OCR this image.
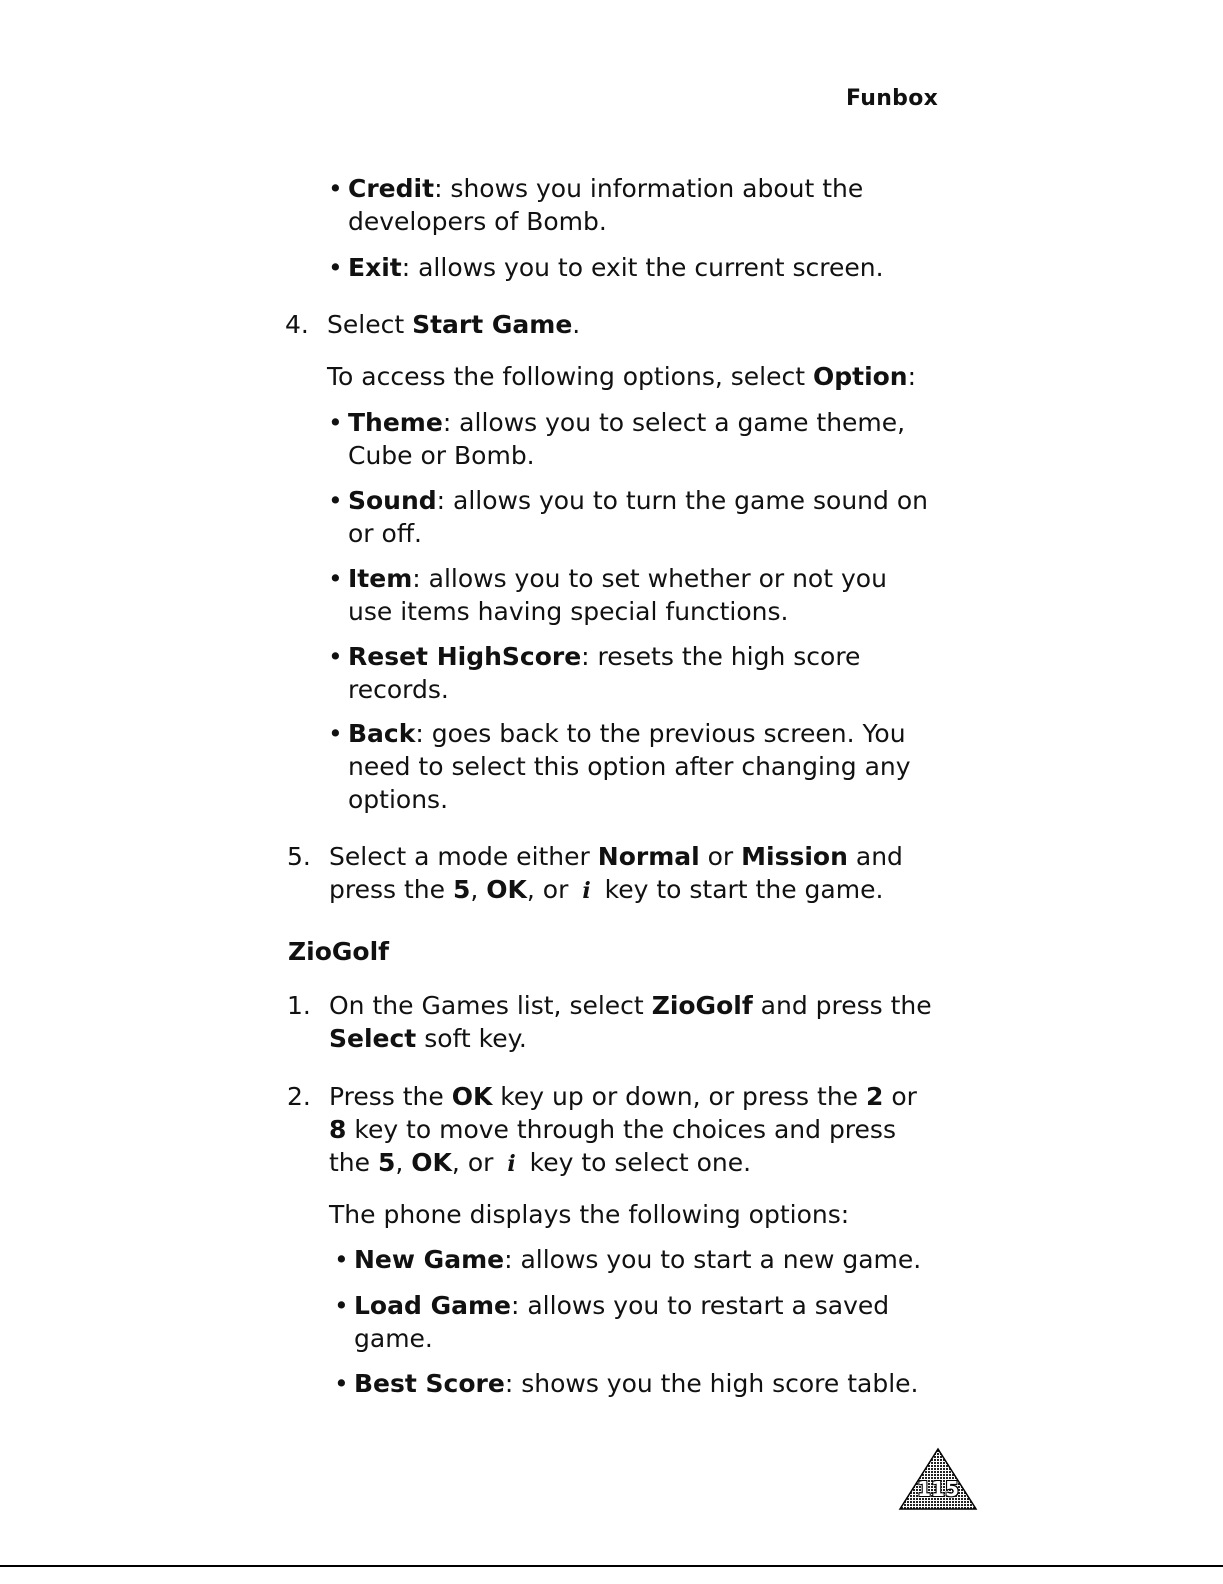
Funbox
• Credit: shows you information about the
developers of Bomb.
• Exit: allows you to exit the current screen.
4. Select Start Game.
To access the following options, select Option:
• Theme: allows you to select a game theme,
Cube or Bomb.
• Sound: allows you to turn the game sound on
or off.
• Item: allows you to set whether or not you
use items having special functions.
• Reset HighScore: resets the high score
records.
• Back: goes back to the previous screen. You
need to select this option after changing any
options.
5. Select a mode either Normal or Mission and
press the 5, OK, or i key to start the game.
ZioGolf
1. On the Games list, select ZioGolf and press the
Select soft key.
2. Press the OK key up or down, or press the 2 or
8 key to move through the choices and press
the 5, OK, or i key to select one.
The phone displays the following options:
• New Game: allows you to start a new game.
• Load Game: allows you to restart a saved
game.
• Best Score: shows you the high score table.
115
